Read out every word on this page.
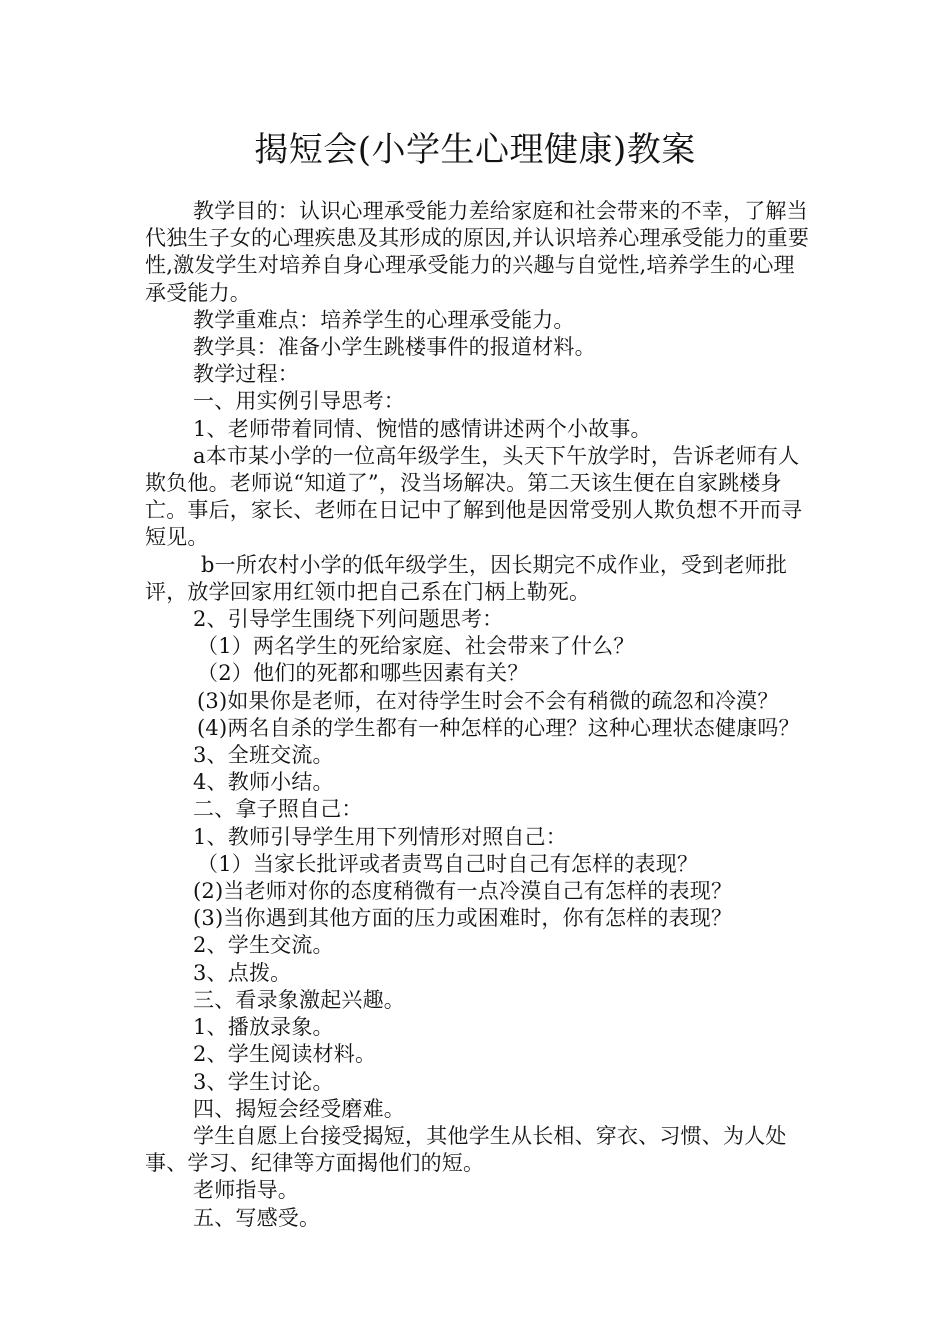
揭短会(小学生心理健康)教案

教学目的：认识心理承受能力差给家庭和社会带来的不幸，了解当代独生子女的心理疾患及其形成的原因,并认识培养心理承受能力的重要性,激发学生对培养自身心理承受能力的兴趣与自觉性,培养学生的心理承受能力。

教学重难点：培养学生的心理承受能力。

教学具：准备小学生跳楼事件的报道材料。

教学过程：

一、用实例引导思考：

1、老师带着同情、惋惜的感情讲述两个小故事。

a本市某小学的一位高年级学生，头天下午放学时，告诉老师有人欺负他。老师说“知道了”，没当场解决。第二天该生便在自家跳楼身亡。事后，家长、老师在日记中了解到他是因常受别人欺负想不开而寻短见。

b一所农村小学的低年级学生，因长期完不成作业，受到老师批评，放学回家用红领巾把自己系在门柄上勒死。

2、引导学生围绕下列问题思考：

（1）两名学生的死给家庭、社会带来了什么？

（2）他们的死都和哪些因素有关？

(3)如果你是老师，在对待学生时会不会有稍微的疏忽和冷漠？

(4)两名自杀的学生都有一种怎样的心理？这种心理状态健康吗？

3、全班交流。

4、教师小结。

二、拿子照自己：

1、教师引导学生用下列情形对照自己：

（1）当家长批评或者责骂自己时自己有怎样的表现？

(2)当老师对你的态度稍微有一点冷漠自己有怎样的表现？

(3)当你遇到其他方面的压力或困难时，你有怎样的表现？

2、学生交流。

3、点拨。

三、看录象激起兴趣。

1、播放录象。

2、学生阅读材料。

3、学生讨论。

四、揭短会经受磨难。

学生自愿上台接受揭短，其他学生从长相、穿衣、习惯、为人处事、学习、纪律等方面揭他们的短。

老师指导。

五、写感受。
